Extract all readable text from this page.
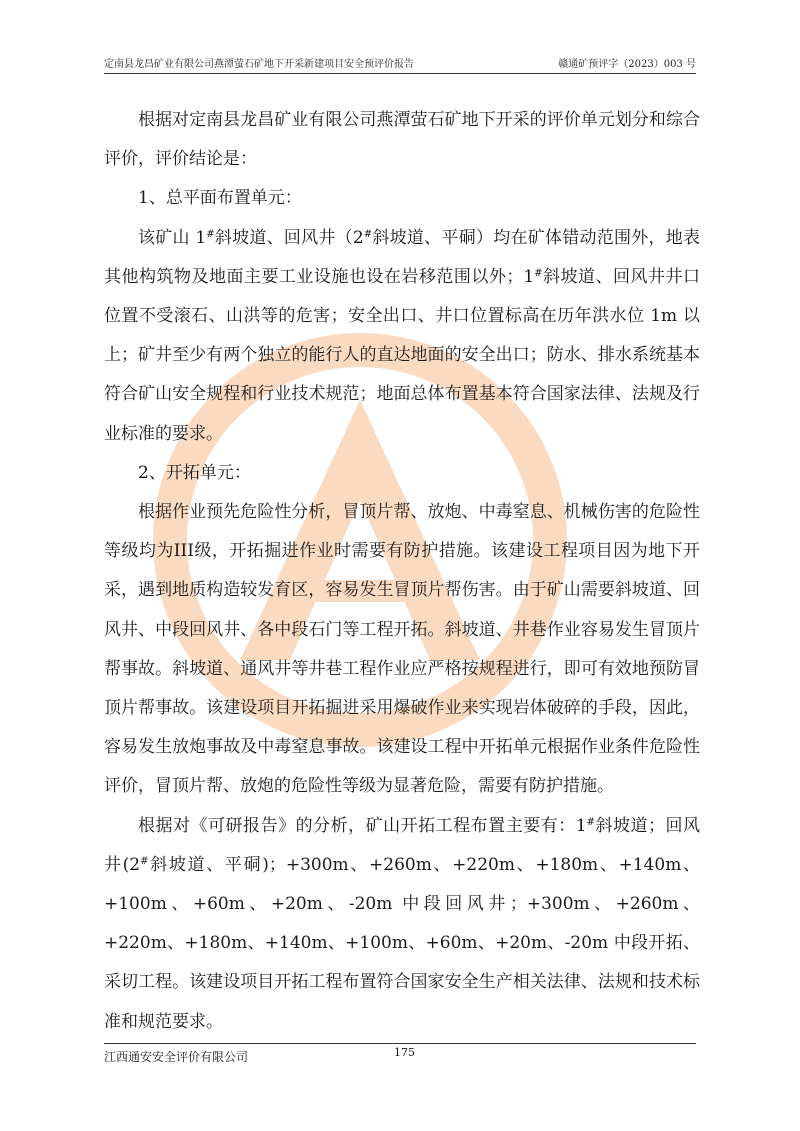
定南县龙昌矿业有限公司燕潭萤石矿地下开采新建项目安全预评价报告	赣通矿预评字（2023）003 号

根据对定南县龙昌矿业有限公司燕潭萤石矿地下开采的评价单元划分和综合评价，评价结论是：

1、总平面布置单元：

该矿山 1#斜坡道、回风井（2#斜坡道、平硐）均在矿体错动范围外，地表其他构筑物及地面主要工业设施也设在岩移范围以外；1#斜坡道、回风井井口位置不受滚石、山洪等的危害；安全出口、井口位置标高在历年洪水位 1m 以上；矿井至少有两个独立的能行人的直达地面的安全出口；防水、排水系统基本符合矿山安全规程和行业技术规范；地面总体布置基本符合国家法律、法规及行业标准的要求。

2、开拓单元：

根据作业预先危险性分析，冒顶片帮、放炮、中毒窒息、机械伤害的危险性等级均为III级，开拓掘进作业时需要有防护措施。该建设工程项目因为地下开采，遇到地质构造较发育区，容易发生冒顶片帮伤害。由于矿山需要斜坡道、回风井、中段回风井、各中段石门等工程开拓。斜坡道、井巷作业容易发生冒顶片帮事故。斜坡道、通风井等井巷工程作业应严格按规程进行，即可有效地预防冒顶片帮事故。该建设项目开拓掘进采用爆破作业来实现岩体破碎的手段，因此，容易发生放炮事故及中毒窒息事故。该建设工程中开拓单元根据作业条件危险性评价，冒顶片帮、放炮的危险性等级为显著危险，需要有防护措施。

根据对《可研报告》的分析，矿山开拓工程布置主要有：1#斜坡道；回风井(2#斜坡道、平硐)；+300m、+260m、+220m、+180m、+140m、+100m、+60m、+20m、-20m 中段回风井；+300m、+260m、+220m、+180m、+140m、+100m、+60m、+20m、-20m 中段开拓、采切工程。该建设项目开拓工程布置符合国家安全生产相关法律、法规和技术标准和规范要求。

江西通安安全评价有限公司	175
